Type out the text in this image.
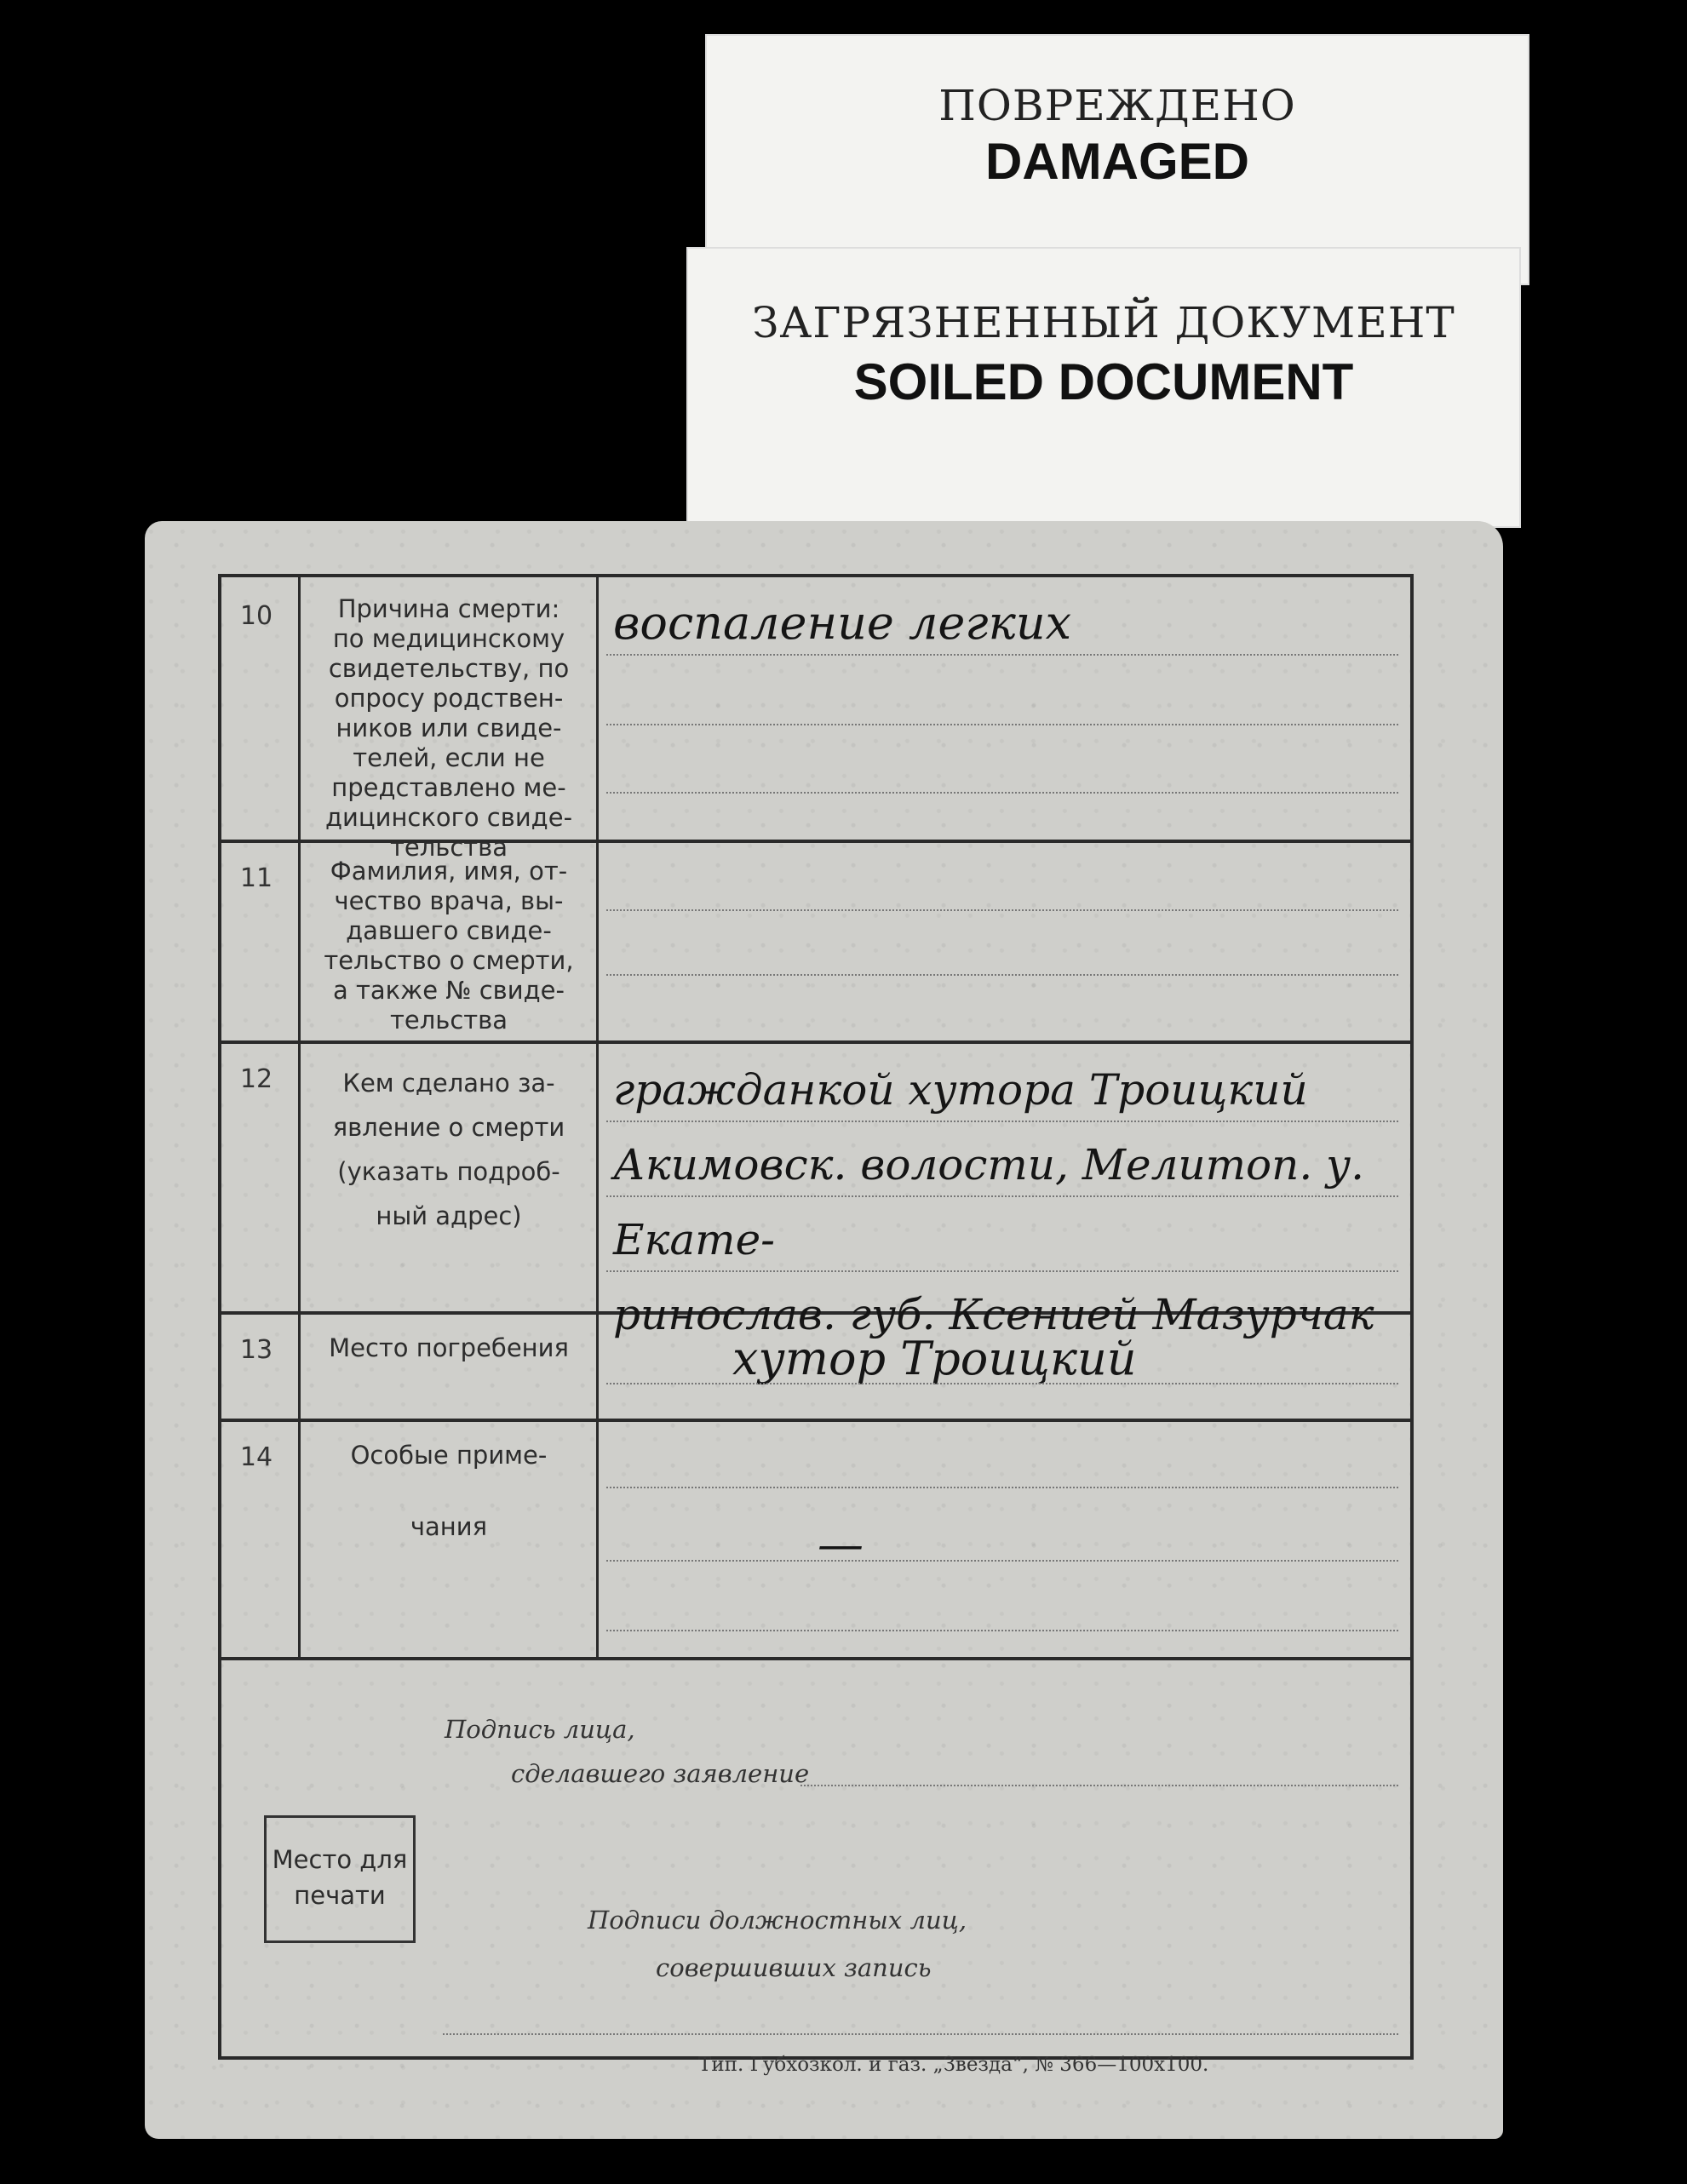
ПОВРЕЖДЕНО
DAMAGED
ЗАГРЯЗНЕННЫЙ ДОКУМЕНТ
SOILED DOCUMENT
10	Причина смерти:
по медицинскому
свидетельству, по
опросу родствен-
ников или свиде-
телей, если не
представлено ме-
дицинского свиде-
тельства
воспаление легких
11	Фамилия, имя, от-
чество врача, вы-
давшего свиде-
тельство о смерти,
а также № свиде-
тельства
12	Кем сделано за-
явление о смерти
(указать подроб-
ный адрес)
гражданкой хутора Троицкий
Акимовск. волости, Мелитоп. у. Екате-
ринослав. губ. Ксенией Мазурчак
13	Место погребения	хутор Троицкий
14	Особые приме-

чания	—
Подпись лица,
сделавшего заявление
Подписи должностных лиц,
совершивших запись
Место для
печати
Тип. Губхозкол. и газ. „Звезда“, № 366—100х100.
